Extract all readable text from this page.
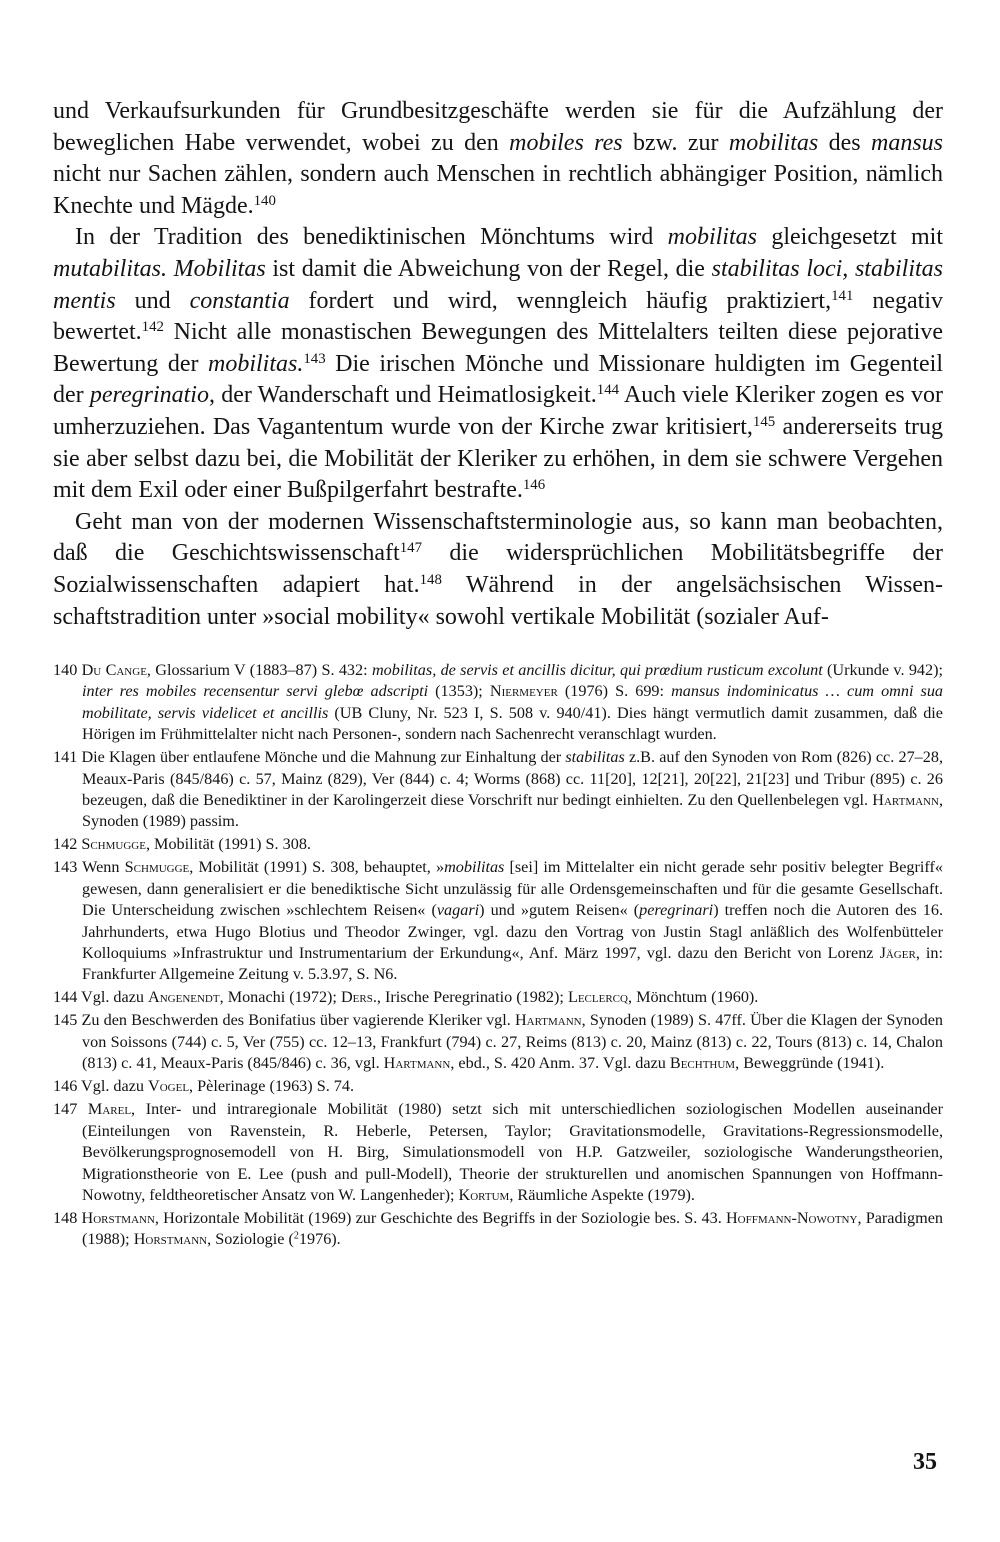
und Verkaufsurkunden für Grundbesitzgeschäfte werden sie für die Aufzählung der beweglichen Habe verwendet, wobei zu den mobiles res bzw. zur mobilitas des mansus nicht nur Sachen zählen, sondern auch Menschen in rechtlich abhängiger Position, nämlich Knechte und Mägde.$^{140}$

In der Tradition des benediktinischen Mönchtums wird mobilitas gleichgesetzt mit mutabilitas. Mobilitas ist damit die Abweichung von der Regel, die stabilitas loci, stabilitas mentis und constantia fordert und wird, wenngleich häufig praktiziert,$^{141}$ negativ bewertet.$^{142}$ Nicht alle monastischen Bewegungen des Mittelalters teilten diese pejorative Bewertung der mobilitas.$^{143}$ Die irischen Mönche und Missionare huldigten im Gegenteil der peregrinatio, der Wanderschaft und Heimatlosigkeit.$^{144}$ Auch viele Kleriker zogen es vor umherzuziehen. Das Vagantentum wurde von der Kirche zwar kritisiert,$^{145}$ andererseits trug sie aber selbst dazu bei, die Mobilität der Kleriker zu erhöhen, in dem sie schwere Vergehen mit dem Exil oder einer Bußpilgerfahrt bestrafte.$^{146}$

Geht man von der modernen Wissenschaftsterminologie aus, so kann man beobachten, daß die Geschichtswissenschaft$^{147}$ die widersprüchlichen Mobilitätsbegriffe der Sozialwissenschaften adapiert hat.$^{148}$ Während in der angelsächsischen Wissenschaftstradition unter »social mobility« sowohl vertikale Mobilität (sozialer Auf-

140 Du Cange, Glossarium V (1883–87) S. 432: mobilitas, de servis et ancillis dicitur, qui prœdium rusticum excolunt (Urkunde v. 942); inter res mobiles recensentur servi glebœ adscripti (1353); Niermeyer (1976) S. 699: mansus indominicatus … cum omni sua mobilitate, servis videlicet et ancillis (UB Cluny, Nr. 523 I, S. 508 v. 940/41). Dies hängt vermutlich damit zusammen, daß die Hörigen im Frühmittelalter nicht nach Personen-, sondern nach Sachenrecht veranschlagt wurden.

141 Die Klagen über entlaufene Mönche und die Mahnung zur Einhaltung der stabilitas z.B. auf den Synoden von Rom (826) cc. 27–28, Meaux-Paris (845/846) c. 57, Mainz (829), Ver (844) c. 4; Worms (868) cc. 11[20], 12[21], 20[22], 21[23] und Tribur (895) c. 26 bezeugen, daß die Benediktiner in der Karolingerzeit diese Vorschrift nur bedingt einhielten. Zu den Quellenbelegen vgl. Hartmann, Synoden (1989) passim.

142 Schmugge, Mobilität (1991) S. 308.

143 Wenn Schmugge, Mobilität (1991) S. 308, behauptet, »mobilitas [sei] im Mittelalter ein nicht gerade sehr positiv belegter Begriff« gewesen, dann generalisiert er die benediktische Sicht unzulässig für alle Ordensgemeinschaften und für die gesamte Gesellschaft. Die Unterscheidung zwischen »schlechtem Reisen« (vagari) und »gutem Reisen« (peregrinari) treffen noch die Autoren des 16. Jahrhunderts, etwa Hugo Blotius und Theodor Zwinger, vgl. dazu den Vortrag von Justin Stagl anläßlich des Wolfenbütteler Kolloquiums »Infrastruktur und Instrumentarium der Erkundung«, Anf. März 1997, vgl. dazu den Bericht von Lorenz Jäger, in: Frankfurter Allgemeine Zeitung v. 5.3.97, S. N6.

144 Vgl. dazu Angenendt, Monachi (1972); Ders., Irische Peregrinatio (1982); Leclercq, Mönchtum (1960).

145 Zu den Beschwerden des Bonifatius über vagierende Kleriker vgl. Hartmann, Synoden (1989) S. 47ff. Über die Klagen der Synoden von Soissons (744) c. 5, Ver (755) cc. 12–13, Frankfurt (794) c. 27, Reims (813) c. 20, Mainz (813) c. 22, Tours (813) c. 14, Chalon (813) c. 41, Meaux-Paris (845/846) c. 36, vgl. Hartmann, ebd., S. 420 Anm. 37. Vgl. dazu Bechthum, Beweggründe (1941).

146 Vgl. dazu Vogel, Pèlerinage (1963) S. 74.

147 Marel, Inter- und intraregionale Mobilität (1980) setzt sich mit unterschiedlichen soziologischen Modellen auseinander (Einteilungen von Ravenstein, R. Heberle, Petersen, Taylor; Gravitationsmodelle, Gravitations-Regressionsmodelle, Bevölkerungsprognosemodell von H. Birg, Simulationsmodell von H.P. Gatzweiler, soziologische Wanderungstheorien, Migrationstheorie von E. Lee (push and pull-Modell), Theorie der strukturellen und anomischen Spannungen von Hoffmann-Nowotny, feldtheoretischer Ansatz von W. Langenheder); Kortum, Räumliche Aspekte (1979).

148 Horstmann, Horizontale Mobilität (1969) zur Geschichte des Begriffs in der Soziologie bes. S. 43. Hoffmann-Nowotny, Paradigmen (1988); Horstmann, Soziologie ($^2$1976).

35
